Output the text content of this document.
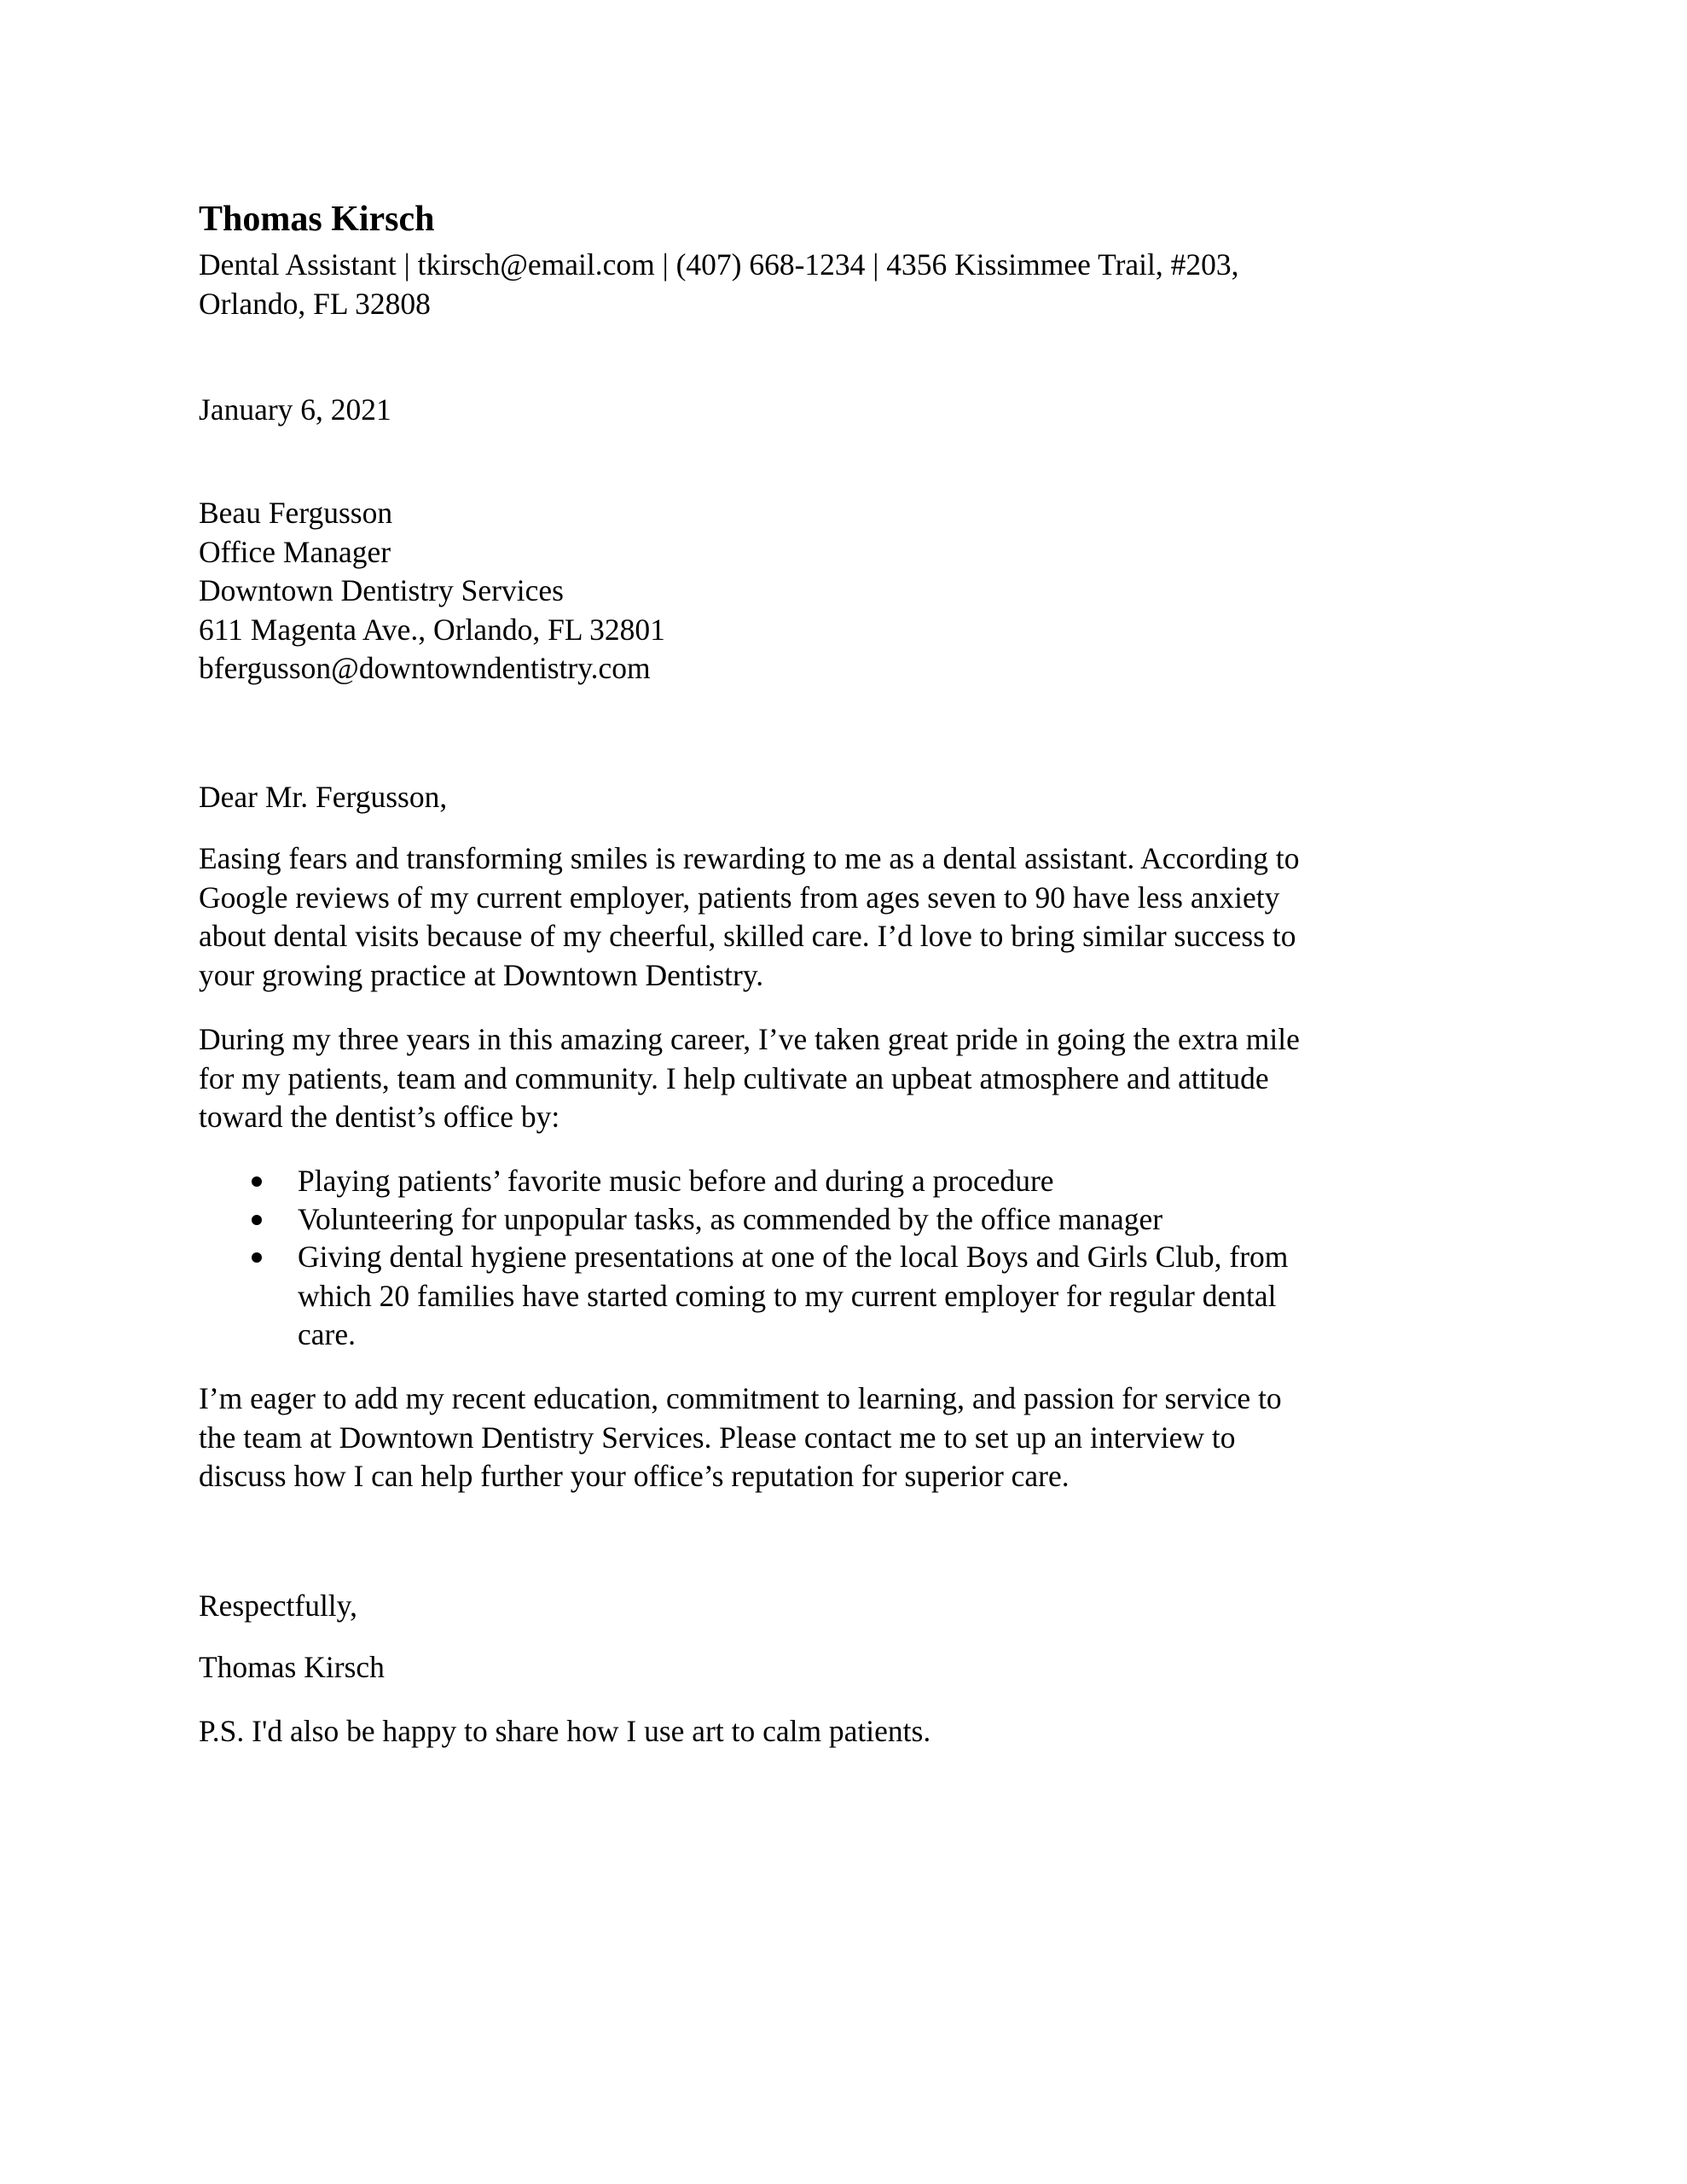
Thomas Kirsch
Dental Assistant | tkirsch@email.com | (407) 668-1234 | 4356 Kissimmee Trail, #203,
Orlando, FL 32808
January 6, 2021
Beau Fergusson
Office Manager
Downtown Dentistry Services
611 Magenta Ave., Orlando, FL 32801
bfergusson@downtowndentistry.com
Dear Mr. Fergusson,
Easing fears and transforming smiles is rewarding to me as a dental assistant. According to
Google reviews of my current employer, patients from ages seven to 90 have less anxiety
about dental visits because of my cheerful, skilled care. I’d love to bring similar success to
your growing practice at Downtown Dentistry.
During my three years in this amazing career, I’ve taken great pride in going the extra mile
for my patients, team and community. I help cultivate an upbeat atmosphere and attitude
toward the dentist’s office by:
Playing patients’ favorite music before and during a procedure
Volunteering for unpopular tasks, as commended by the office manager
Giving dental hygiene presentations at one of the local Boys and Girls Club, from
which 20 families have started coming to my current employer for regular dental
care.
I’m eager to add my recent education, commitment to learning, and passion for service to
the team at Downtown Dentistry Services. Please contact me to set up an interview to
discuss how I can help further your office’s reputation for superior care.
Respectfully,
Thomas Kirsch
P.S. I'd also be happy to share how I use art to calm patients.
